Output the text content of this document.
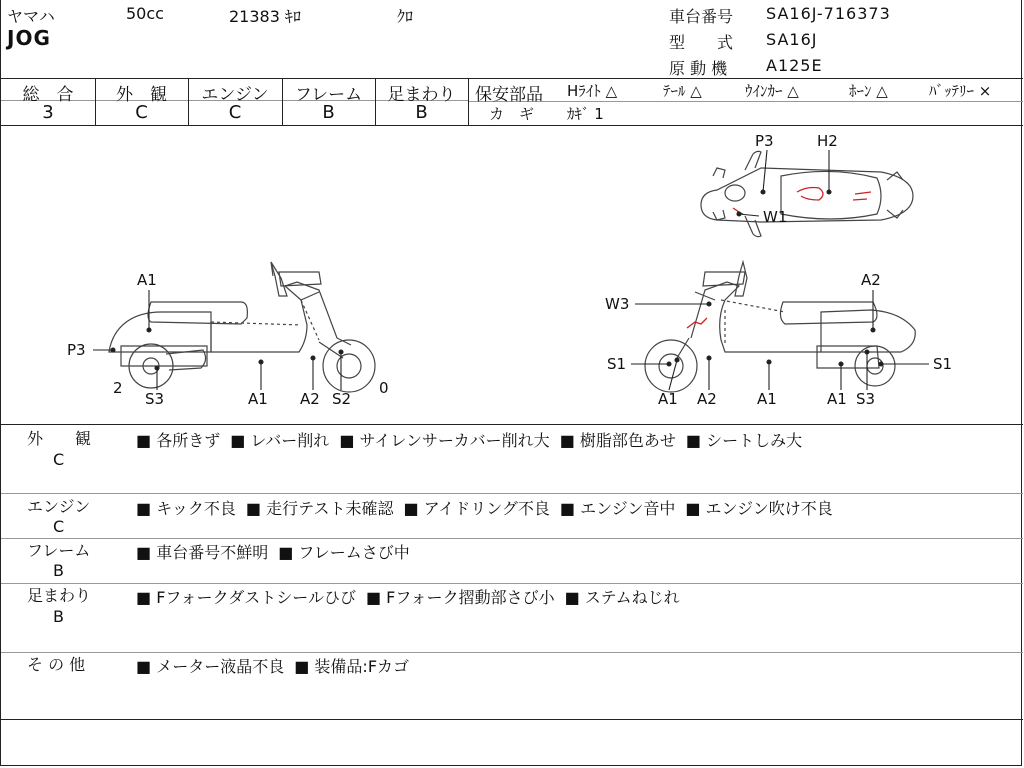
ヤマハ
JOG
50cc	21383 ｷﾛ	ｸﾛ	車台番号 SA16J-716373
型　　式 SA16J
原 動 機 A125E
総　合	外　観	エンジン	フレーム	足まわり
3	C	C	B	B
保安部品 Hﾗｲﾄ △	ﾃｰﾙ △	ｳｲﾝｶｰ △	ﾎｰﾝ △	ﾊﾞｯﾃﾘｰ ×
カ　ギ ｶｷﾞ 1
P3	H2
W1
A1
P3
2
S3	A1 A2 S2
0
A2
W3
S1
A1 A2	A1	A1 S3
S1
外　　観
C
■ 各所きず	■ レバー削れ	■ サイレンサーカバー削れ大	■ 樹脂部色あせ	■ シートしみ大
エンジン
C
■ キック不良	■ 走行テスト未確認	■ アイドリング不良	■ エンジン音中	■ エンジン吹け不良
フレーム
B
■ 車台番号不鮮明	■ フレームさび中
足まわり
B
■ Fフォークダストシールひび	■ Fフォーク摺動部さび小	■ ステムねじれ
そ の 他	■ メーター液晶不良	■ 装備品:Fカゴ
